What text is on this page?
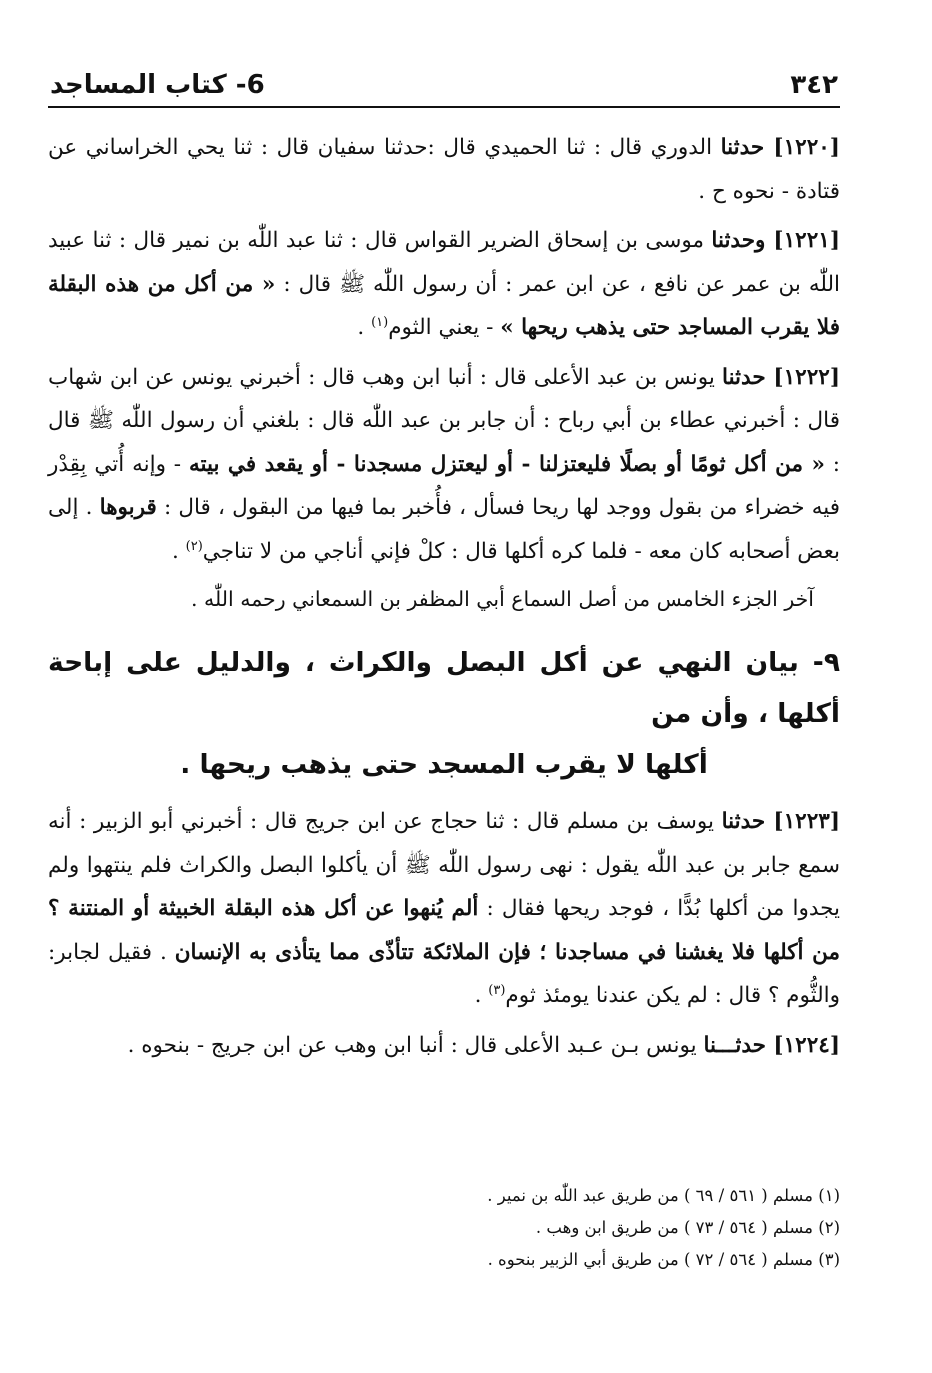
٣٤٢
6- كتاب المساجد

[١٢٢٠] حدثنا الدوري قال : ثنا الحميدي قال :حدثنا سفيان قال : ثنا يحي الخراساني عن قتادة - نحوه ح .

[١٢٢١] وحدثنا موسى بن إسحاق الضرير القواس قال : ثنا عبد اللّٰه بن نمير قال : ثنا عبيد اللّٰه بن عمر عن نافع ، عن ابن عمر : أن رسول اللّٰه ﷺ قال : « من أكل من هذه البقلة فلا يقرب المساجد حتى يذهب ريحها » - يعني الثوم$^{(١)}$ .

[١٢٢٢] حدثنا يونس بن عبد الأعلى قال : أنبا ابن وهب قال : أخبرني يونس عن ابن شهاب قال : أخبرني عطاء بن أبي رباح : أن جابر بن عبد اللّٰه قال : بلغني أن رسول اللّٰه ﷺ قال : « من أكل ثومًا أو بصلًا فليعتزلنا - أو ليعتزل مسجدنا - أو يقعد في بيته - وإنه أُتي بِقِدْر فيه خضراء من بقول ووجد لها ريحا فسأل ، فأُخبر بما فيها من البقول ، قال : قربوها . إلى بعض أصحابه كان معه - فلما كره أكلها قال : كلْ فإني أناجي من لا تناجي$^{(٢)}$ .

آخر الجزء الخامس من أصل السماع أبي المظفر بن السمعاني رحمه اللّٰه .

٩- بيان النهي عن أكل البصل والكراث ، والدليل على إباحة أكلها ، وأن من
أكلها لا يقرب المسجد حتى يذهب ريحها .

[١٢٢٣] حدثنا يوسف بن مسلم قال : ثنا حجاج عن ابن جريج قال : أخبرني أبو الزبير : أنه سمع جابر بن عبد اللّٰه يقول : نهى رسول اللّٰه ﷺ أن يأكلوا البصل والكراث فلم ينتهوا ولم يجدوا من أكلها بُدًّا ، فوجد ريحها فقال : ألم يُنهوا عن أكل هذه البقلة الخبيثة أو المنتنة ؟ من أكلها فلا يغشنا في مساجدنا ؛ فإن الملائكة تتأذّى مما يتأذى به الإنسان . فقيل لجابر: والثُّوم ؟ قال : لم يكن عندنا يومئذ ثوم$^{(٣)}$ .

[١٢٢٤] حدثـــنا يونس بـن عـبد الأعلى قال : أنبا ابن وهب عن ابن جريج - بنحوه .

(١) مسلم ( ٥٦١ / ٦٩ ) من طريق عبد اللّٰه بن نمير .
(٢) مسلم ( ٥٦٤ / ٧٣ ) من طريق ابن وهب .
(٣) مسلم ( ٥٦٤ / ٧٢ ) من طريق أبي الزبير بنحوه .
